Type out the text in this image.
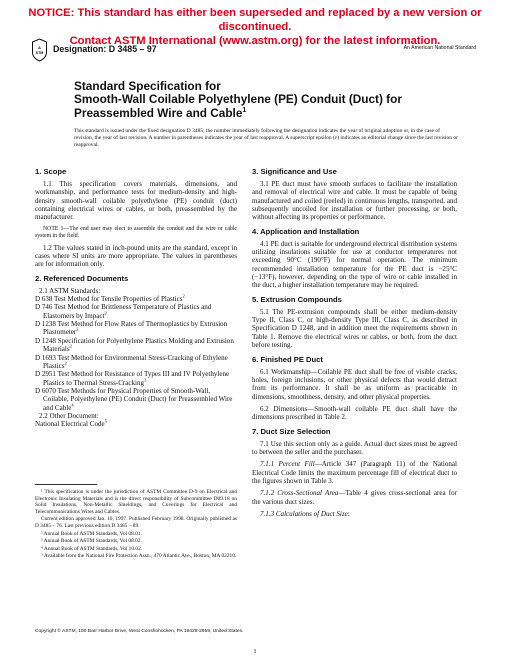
NOTICE: This standard has either been superseded and replaced by a new version or discontinued.
Contact ASTM International (www.astm.org) for the latest information.
A
STM Designation: D 3485 – 97	An American National Standard
Standard Specification for
Smooth-Wall Coilable Polyethylene (PE) Conduit (Duct) for
Preassembled Wire and Cable$^1$
This standard is issued under the fixed designation D 3485; the number immediately following the designation indicates the year of original adoption or, in the case of revision, the year of last revision. A number in parentheses indicates the year of last reapproval. A superscript epsilon (ε) indicates an editorial change since the last revision or reapproval.
1. Scope

1.1 This specification covers materials, dimensions, and workmanship, and performance tests for medium-density and high-density smooth-wall coilable polyethylene (PE) conduit (duct) containing electrical wires or cables, or both, preassembled by the manufacturer.

NOTE 1—The end user may elect to assemble the conduit and the wire or cable system in the field.

1.2 The values stated in inch-pound units are the standard, except in cases where SI units are more appropriate. The values in parentheses are for information only.

2. Referenced Documents

2.1 ASTM Standards:

D 638 Test Method for Tensile Properties of Plastics$^2$

D 746 Test Method for Brittleness Temperature of Plastics and Elastomers by Impact$^2$

D 1238 Test Method for Flow Rates of Thermoplastics by Extrusion Plastometer$^2$

D 1248 Specification for Polyethylene Plastics Molding and Extrusion Materials$^2$

D 1693 Test Method for Environmental Stress-Cracking of Ethylene Plastics$^2$

D 2951 Test Method for Resistance of Types III and IV Polyethylene Plastics to Thermal Stress-Cracking$^3$

D 6070 Test Methods for Physical Properties of Smooth-Wall, Coilable, Polyethylene (PE) Conduit (Duct) for Preassembled Wire and Cable$^4$

2.2 Other Document:

National Electrical Code$^5$

¹ This specification is under the jurisdiction of ASTM Committee D-9 on Electrical and Electronic Insulating Materials and is the direct responsibility of Subcommittee D09.18 on Solid Insulations, Non-Metallic Shieldings, and Coverings for Electrical and Telecommunications Wires and Cables.

Current edition approved Jan. 10, 1997. Published February 1998. Originally published as D 3485 – 76. Last previous edition D 3485 – 89.

² Annual Book of ASTM Standards, Vol 08.01.

³ Annual Book of ASTM Standards, Vol 08.02.

⁴ Annual Book of ASTM Standards, Vol 10.02.

⁵ Available from the National Fire Protection Assn., 470 Atlantic Ave., Boston, MA 02210.

3. Significance and Use

3.1 PE duct must have smooth surfaces to facilitate the installation and removal of electrical wire and cable. It must be capable of being manufactured and coiled (reeled) in continuous lengths, transported, and subsequently uncoiled for installation or further processing, or both, without affecting its properties or performance.

4. Application and Installation

4.1 PE duct is suitable for underground electrical distribution systems utilizing insulations suitable for use at conductor temperatures not exceeding 90°C (190°F) for normal operation. The minimum recommended installation temperature for the PE duct is −25°C (−13°F), however, depending on the type of wire or cable installed in the duct, a higher installation temperature may be required.

5. Extrusion Compounds

5.1 The PE-extrusion compounds shall be either medium-density Type II, Class C, or high-density Type III, Class C, as described in Specification D 1248, and in addition meet the requirements shown in Table 1. Remove the electrical wires or cables, or both, from the duct before testing.

6. Finished PE Duct

6.1 Workmanship—Coilable PE duct shall be free of visible cracks, holes, foreign inclusions, or other physical defects that would detract from its performance. It shall be as uniform as practicable in dimensions, smoothness, density, and other physical properties.

6.2 Dimensions—Smooth-wall coilable PE duct shall have the dimensions prescribed in Table 2.

7. Duct Size Selection

7.1 Use this section only as a guide. Actual duct sizes must be agreed to between the seller and the purchaser.

7.1.1 Percent Fill—Article 347 (Paragraph 11) of the National Electrical Code limits the maximum percentage fill of electrical duct to the figures shown in Table 3.

7.1.2 Cross-Sectional Area—Table 4 gives cross-sectional area for the various duct sizes.

7.1.3 Calculations of Duct Size:

Copyright © ASTM, 100 Barr Harbor Drive, West Conshohocken, PA 19428-2959, United States.
1
